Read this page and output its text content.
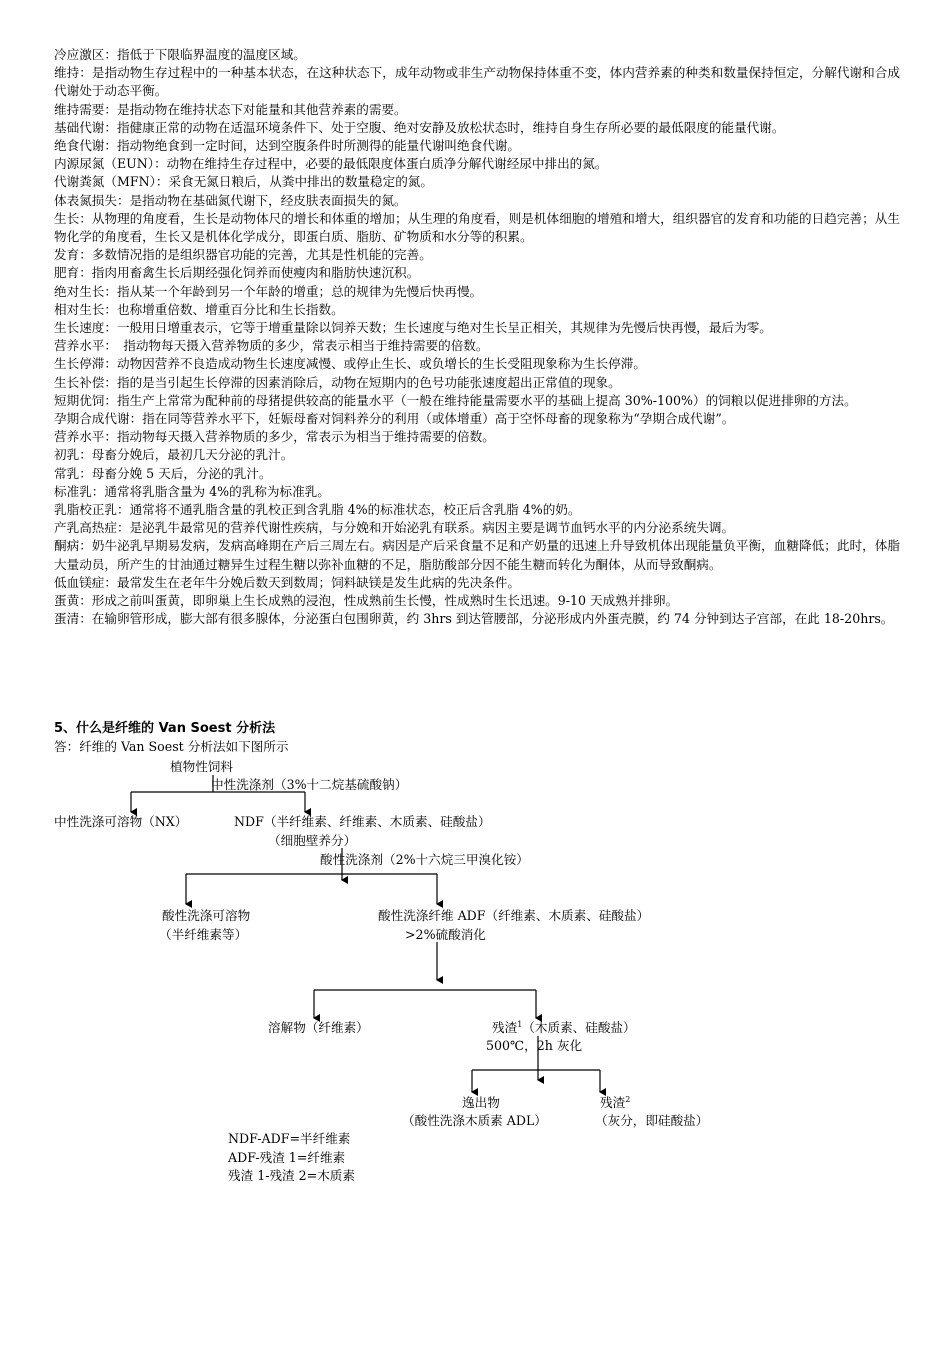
冷应激区：指低于下限临界温度的温度区域。

维持：是指动物生存过程中的一种基本状态，在这种状态下，成年动物或非生产动物保持体重不变，体内营养素的种类和数量保持恒定，分解代谢和合成代谢处于动态平衡。

维持需要：是指动物在维持状态下对能量和其他营养素的需要。

基础代谢：指健康正常的动物在适温环境条件下、处于空腹、绝对安静及放松状态时，维持自身生存所必要的最低限度的能量代谢。

绝食代谢：指动物绝食到一定时间，达到空腹条件时所测得的能量代谢叫绝食代谢。

内源尿氮（EUN）：动物在维持生存过程中，必要的最低限度体蛋白质净分解代谢经尿中排出的氮。

代谢粪氮（MFN）：采食无氮日粮后，从粪中排出的数量稳定的氮。

体表氮损失：是指动物在基础氮代谢下，经皮肤表面损失的氮。

生长：从物理的角度看，生长是动物体尺的增长和体重的增加；从生理的角度看，则是机体细胞的增殖和增大，组织器官的发育和功能的日趋完善；从生物化学的角度看，生长又是机体化学成分，即蛋白质、脂肪、矿物质和水分等的积累。

发育：多数情况指的是组织器官功能的完善，尤其是性机能的完善。

肥育：指肉用畜禽生长后期经强化饲养而使瘦肉和脂肪快速沉积。

绝对生长：指从某一个年龄到另一个年龄的增重；总的规律为先慢后快再慢。

相对生长：也称增重倍数、增重百分比和生长指数。

生长速度：一般用日增重表示，它等于增重量除以饲养天数；生长速度与绝对生长呈正相关，其规律为先慢后快再慢，最后为零。

营养水平：　指动物每天摄入营养物质的多少，常表示相当于维持需要的倍数。

生长停滞：动物因营养不良造成动物生长速度减慢、或停止生长、或负增长的生长受阻现象称为生长停滞。

生长补偿：指的是当引起生长停滞的因素消除后，动物在短期内的色号功能张速度超出正常值的现象。

短期优饲：指生产上常常为配种前的母猪提供较高的能量水平（一般在维持能量需要水平的基础上提高 30%-100%）的饲粮以促进排卵的方法。

孕期合成代谢：指在同等营养水平下，妊娠母畜对饲料养分的利用（或体增重）高于空怀母畜的现象称为“孕期合成代谢”。

营养水平：指动物每天摄入营养物质的多少，常表示为相当于维持需要的倍数。

初乳：母畜分娩后，最初几天分泌的乳汁。

常乳：母畜分娩 5 天后，分泌的乳汁。

标准乳：通常将乳脂含量为 4%的乳称为标准乳。

乳脂校正乳：通常将不通乳脂含量的乳校正到含乳脂 4%的标准状态，校正后含乳脂 4%的奶。

产乳高热症：是泌乳牛最常见的营养代谢性疾病，与分娩和开始泌乳有联系。病因主要是调节血钙水平的内分泌系统失调。

酮病：奶牛泌乳早期易发病，发病高峰期在产后三周左右。病因是产后采食量不足和产奶量的迅速上升导致机体出现能量负平衡，血糖降低；此时，体脂大量动员，所产生的甘油通过糖异生过程生糖以弥补血糖的不足，脂肪酸部分因不能生糖而转化为酮体，从而导致酮病。

低血镁症：最常发生在老年牛分娩后数天到数周；饲料缺镁是发生此病的先决条件。

蛋黄：形成之前叫蛋黄，即卵巢上生长成熟的浸泡，性成熟前生长慢，性成熟时生长迅速。9-10 天成熟并排卵。

蛋清：在输卵管形成，膨大部有很多腺体，分泌蛋白包围卵黄，约 3hrs 到达管腰部，分泌形成内外蛋壳膜，约 74 分钟到达子宫部，在此 18-20hrs。

5、什么是纤维的 Van Soest 分析法
答：纤维的 Van Soest 分析法如下图所示
植物性饲料
中性洗涤剂（3%十二烷基硫酸钠）
中性洗涤可溶物（NX）	NDF（半纤维素、纤维素、木质素、硅酸盐）
（细胞壁养分）
酸性洗涤剂（2%十六烷三甲溴化铵）
酸性洗涤可溶物
（半纤维素等）
酸性洗涤纤维 ADF（纤维素、木质素、硅酸盐）
>2%硫酸消化
溶解物（纤维素）	残渣$^1$（木质素、硅酸盐）
500℃，2h 灰化
逸出物
（酸性洗涤木质素 ADL）
残渣$^2$
（灰分，即硅酸盐）
NDF-ADF=半纤维素
ADF-残渣 1=纤维素
残渣 1-残渣 2=木质素
